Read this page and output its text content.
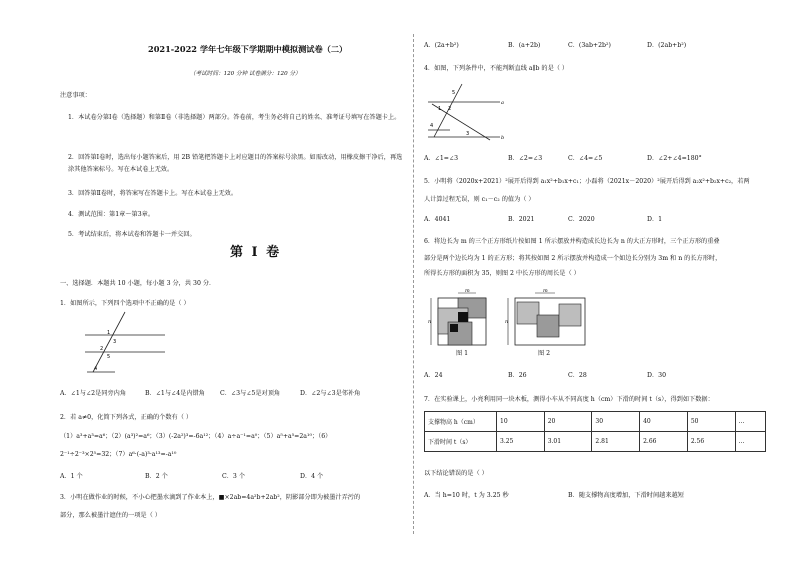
2021-2022 学年七年级下学期期中模拟测试卷（二）
（考试时间：120 分钟 试卷满分：120 分）
注意事项：
1．本试卷分第Ⅰ卷（选择题）和第Ⅱ卷（非选择题）两部分。答卷前，考生务必将自己的姓名、准考证号填写在答题卡上。
2．回答第Ⅰ卷时，选出每小题答案后，用 2B 铅笔把答题卡上对应题目的答案标号涂黑。如需改动，用橡皮擦干净后，再选涂其他答案标号。写在本试卷上无效。
3．回答第Ⅱ卷时，将答案写在答题卡上。写在本试卷上无效。
4．测试范围：第1章～第3章。
5．考试结束后，将本试卷和答题卡一并交回。
第 Ⅰ 卷
一、选择题．本题共 10 小题，每小题 3 分，共 30 分．
1．如图所示，下列四个选项中不正确的是（ ）
1
3
2
5
4
A．∠1与∠2是同旁内角	B．∠1与∠4是内错角 C．∠3与∠5是对顶角	D．∠2与∠3是邻补角
2．若 a≠0，化简下列各式，正确的个数有（ ）
（1）a³+a³=a⁶；（2）(a³)²=a⁶；（3）(-2a²)³=-6a¹²；（4）a÷a⁻¹=a⁰；（5）a⁵+a⁵=2a¹⁰；（6）
2⁻¹÷2⁻³×2⁵=32；（7）a⁶·(-a)³·a¹³=-a¹⁰
A．1 个	B．2 个	C．3 个	D．4 个
3．小明在做作业的时候，不小心把墨水滴到了作业本上，■×2ab=4a²b+2ab²，阴影部分即为被墨汁弄污的
部分，那么被墨汁遮住的一项是（ ）
A．(2a+b²)	B．(a+2b)	C．(3ab+2b²)	D．(2ab+b²)
4．如图，下列条件中，不能判断直线 a∥b 的是（ ）
5
1 2
3
4
a
b
A．∠1=∠3	B．∠2=∠3	C．∠4=∠5	D．∠2+∠4=180°
5．小明将（2020x+2021）²展开后得到 a₁x²+b₁x+c₁；小磊将（2021x－2020）²展开后得到 a₂x²+b₂x+c₂，若两
人计算过程无误，则 c₁－c₂ 的值为（ ）
A．4041	B．2021	C．2020	D．1
6．将边长为 m 的三个正方形纸片按如图 1 所示摆放并构造成长边长为 n 的大正方形时，三个正方形的重叠
部分是两个边长均为 1 的正方形；将其按如图 2 所示摆放并构造成一个如边长分别为 3m 和 n 的长方形时，
所得长方形的面积为 35，则图 2 中长方形的周长是（ ）
m
n
图 1
m
n
图 2
A．24	B．26	C．28	D．30
7．在实验课上，小亮利用同一块木板，测得小车从不同高度 h（cm）下滑的时间 t（s），得到如下数据：
支撑物高 h（cm）	10	20	30	40	50	…
下滑时间 t（s）	3.25	3.01	2.81	2.66	2.56	…
以下结论错误的是（ ）
A．当 h=10 时，t 为 3.25 秒	B．随支撑物高度增加，下滑时间越来越短
